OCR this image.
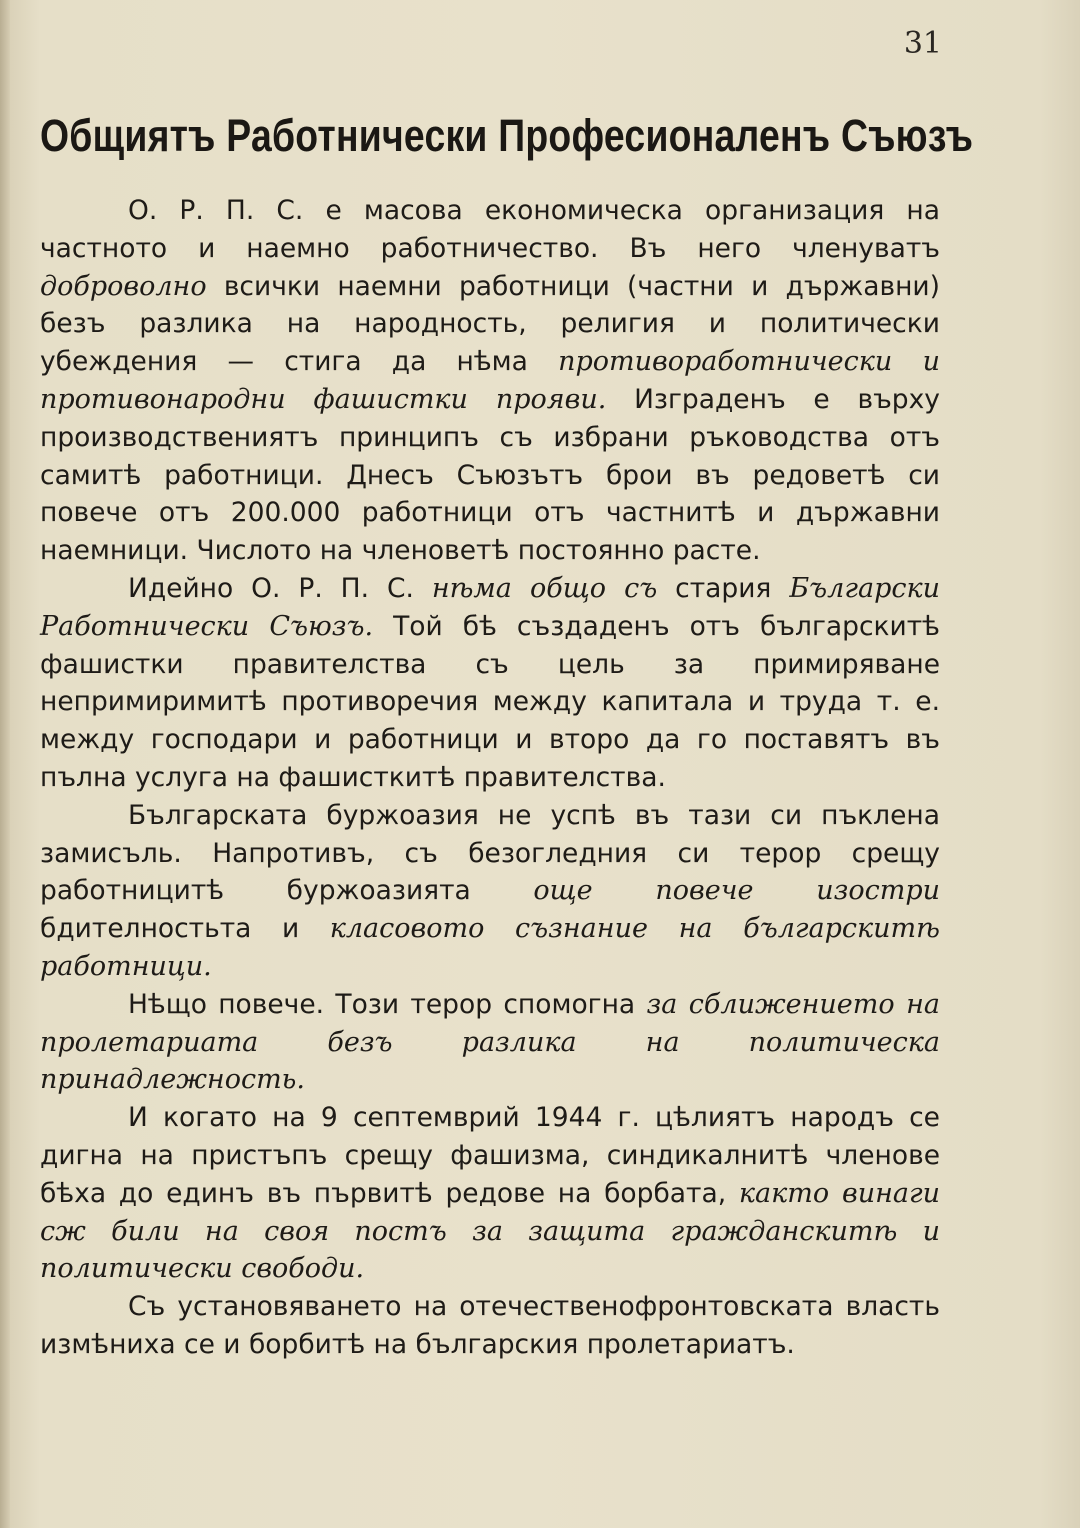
31
Общиятъ Работнически Професионаленъ Съюзъ

О. Р. П. С. е масова економическа организация на частното и наемно работничество. Въ него членуватъ доброволно всички наемни работници (частни и държавни) безъ разлика на народность, религия и политически убеждения — стига да нѣма противоработнически и противонародни фашистки прояви. Изграденъ е върху производствениятъ принципъ съ избрани ръководства отъ самитѣ работници. Днесъ Съюзътъ брои въ редоветѣ си повече отъ 200.000 работници отъ частнитѣ и държавни наемници. Числото на членоветѣ постоянно расте.

Идейно О. Р. П. С. нѣма общо съ стария Български Работнически Съюзъ. Той бѣ създаденъ отъ българскитѣ фашистки правителства съ цель за примиряване непримиримитѣ противоречия между капитала и труда т. е. между господари и работници и второ да го поставятъ въ пълна услуга на фашисткитѣ правителства.

Българската буржоазия не успѣ въ тази си пъклена замисъль. Напротивъ, съ безогледния си терор срещу работницитѣ буржоазията още повече изостри бдителностьта и класовото съзнание на българскитѣ работници.

Нѣщо повече. Този терор спомогна за сближението на пролетариата безъ разлика на политическа принадлежность.

И когато на 9 септемврий 1944 г. цѣлиятъ народъ се дигна на пристъпъ срещу фашизма, синдикалнитѣ членове бѣха до единъ въ първитѣ редове на борбата, както винаги сж били на своя постъ за защита гражданскитѣ и политически свободи.

Съ установяването на отечественофронтовската власть измѣниха се и борбитѣ на българския пролетариатъ.
